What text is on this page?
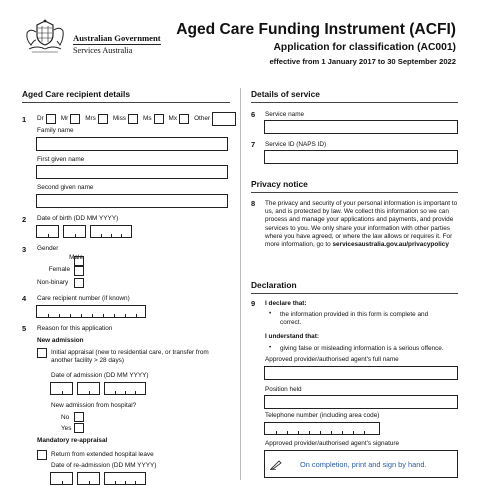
Australian Government
Services Australia
Aged Care Funding Instrument (ACFI)
Application for classification (AC001)
effective from 1 January 2017 to 30 September 2022
Aged Care recipient details
1 Dr	Mr	Mrs	Miss	Ms	Mx	Other
Family name
First given name
Second given name
2 Date of birth (DD MM YYYY)
3 Gender
Male
Female
Non-binary
4 Care recipient number (if known)
5 Reason for this application
New admission
Initial appraisal (new to residential care, or transfer from another facility > 28 days)
Date of admission (DD MM YYYY)
New admission from hospital?
No
Yes
Mandatory re-appraisal
Return from extended hospital leave
Date of re-admission (DD MM YYYY)
Details of service
6 Service name
7 Service ID (NAPS ID)
Privacy notice
8 The privacy and security of your personal information is important to us, and is protected by law. We collect this information so we can process and manage your applications and payments, and provide services to you. We only share your information with other parties where you have agreed, or where the law allows or requires it. For more information, go to servicesaustralia.gov.au/privacypolicy
Declaration
9 I declare that:
• the information provided in this form is complete and correct.
I understand that:
• giving false or misleading information is a serious offence.
Approved provider/authorised agent's full name
Position held
Telephone number (including area code)
Approved provider/authorised agent's signature
On completion, print and sign by hand.
